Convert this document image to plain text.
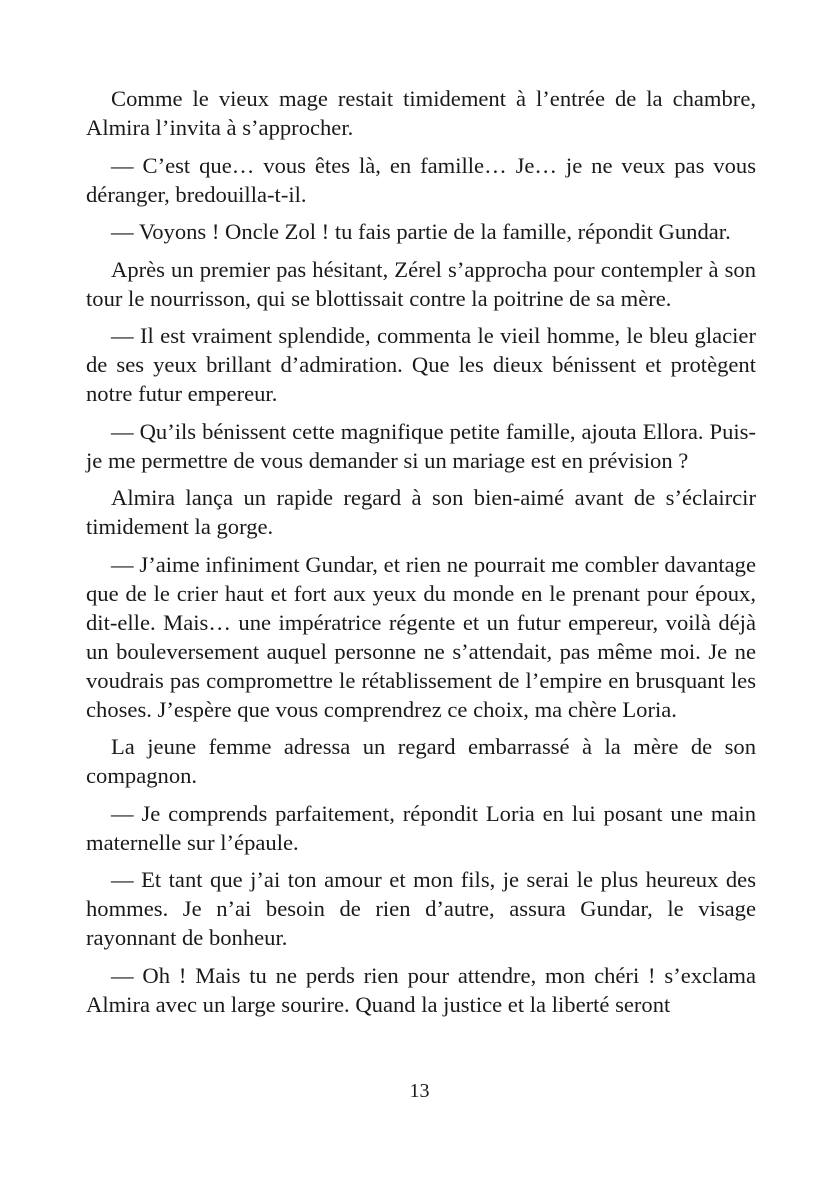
Comme le vieux mage restait timidement à l’entrée de la chambre, Almira l’invita à s’approcher.

— C’est que… vous êtes là, en famille… Je… je ne veux pas vous déranger, bredouilla-t-il.

— Voyons ! Oncle Zol ! tu fais partie de la famille, répondit Gundar.

Après un premier pas hésitant, Zérel s’approcha pour contempler à son tour le nourrisson, qui se blottissait contre la poitrine de sa mère.

— Il est vraiment splendide, commenta le vieil homme, le bleu glacier de ses yeux brillant d’admiration. Que les dieux bénissent et protègent notre futur empereur.

— Qu’ils bénissent cette magnifique petite famille, ajouta Ellora. Puis-je me permettre de vous demander si un mariage est en prévision ?

Almira lança un rapide regard à son bien-aimé avant de s’éclaircir timidement la gorge.

— J’aime infiniment Gundar, et rien ne pourrait me combler davantage que de le crier haut et fort aux yeux du monde en le prenant pour époux, dit-elle. Mais… une impératrice régente et un futur empereur, voilà déjà un bouleversement auquel personne ne s’attendait, pas même moi. Je ne voudrais pas compromettre le rétablissement de l’empire en brusquant les choses. J’espère que vous comprendrez ce choix, ma chère Loria.

La jeune femme adressa un regard embarrassé à la mère de son compagnon.

— Je comprends parfaitement, répondit Loria en lui posant une main maternelle sur l’épaule.

— Et tant que j’ai ton amour et mon fils, je serai le plus heureux des hommes. Je n’ai besoin de rien d’autre, assura Gundar, le visage rayonnant de bonheur.

— Oh ! Mais tu ne perds rien pour attendre, mon chéri ! s’exclama Almira avec un large sourire. Quand la justice et la liberté seront

13
